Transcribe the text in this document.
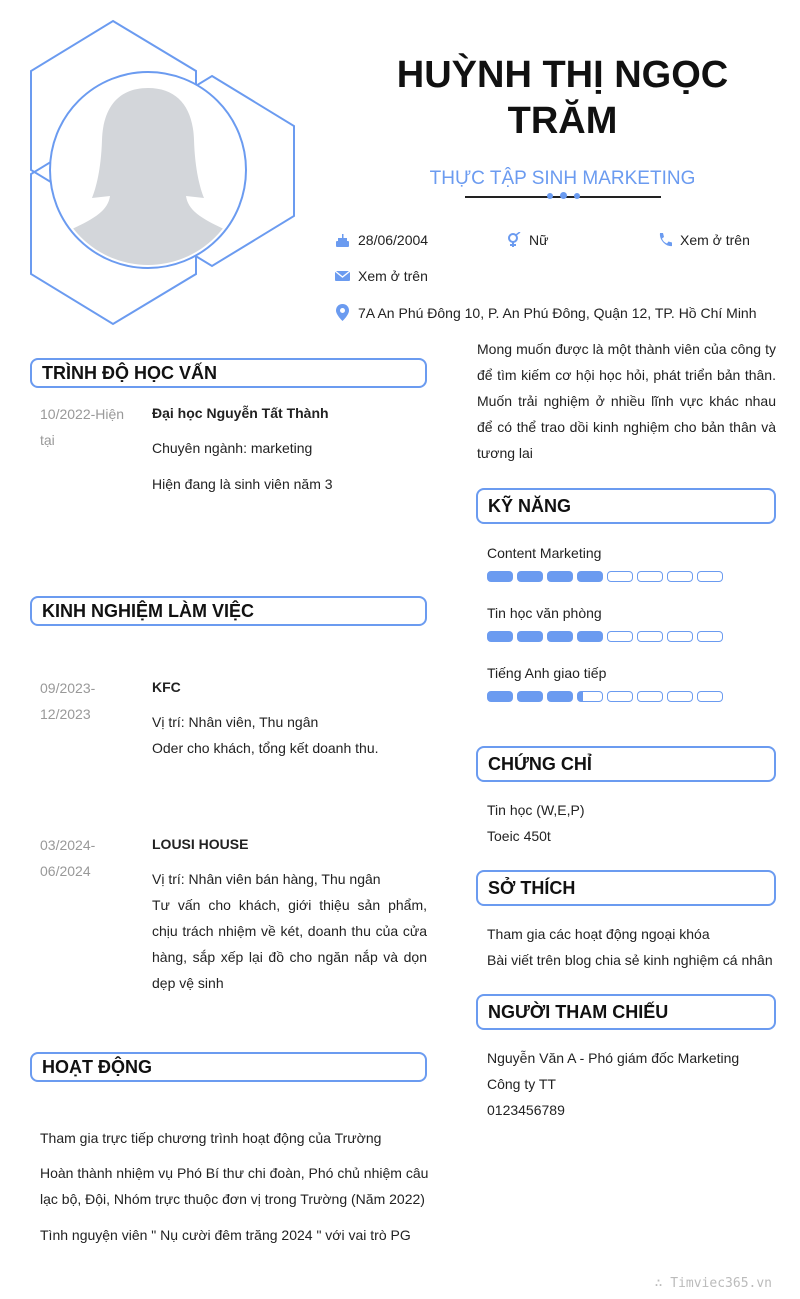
HUỲNH THỊ NGỌC
TRĂM
THỰC TẬP SINH MARKETING
28/06/2004	Nữ	Xem ở trên
Xem ở trên
7A An Phú Đông 10, P. An Phú Đông, Quận 12, TP. Hồ Chí Minh
Mong muốn được là một thành viên của công ty để tìm kiếm cơ hội học hỏi, phát triển bản thân. Muốn trải nghiệm ở nhiều lĩnh vực khác nhau để có thể trao dồi kinh nghiệm cho bản thân và tương lai
TRÌNH ĐỘ HỌC VẤN
10/2022-Hiện tại
Đại học Nguyễn Tất Thành
Chuyên ngành: marketing
Hiện đang là sinh viên năm 3
KINH NGHIỆM LÀM VIỆC
09/2023-
12/2023
KFC
Vị trí: Nhân viên, Thu ngân
Oder cho khách, tổng kết doanh thu.
03/2024-
06/2024
LOUSI HOUSE
Vị trí: Nhân viên bán hàng, Thu ngân
Tư vấn cho khách, giới thiệu sản phẩm, chịu trách nhiệm về két, doanh thu của cửa hàng, sắp xếp lại đồ cho ngăn nắp và dọn dẹp vệ sinh
HOẠT ĐỘNG
Tham gia trực tiếp chương trình hoạt động của Trường
Hoàn thành nhiệm vụ Phó Bí thư chi đoàn, Phó chủ nhiệm câu lạc bộ, Đội, Nhóm trực thuộc đơn vị trong Trường (Năm 2022)
Tình nguyện viên " Nụ cười đêm trăng 2024 " với vai trò PG
KỸ NĂNG
Content Marketing
Tin học văn phòng
Tiếng Anh giao tiếp
CHỨNG CHỈ
Tin học (W,E,P)
Toeic 450t
SỞ THÍCH
Tham gia các hoạt động ngoại khóa
Bài viết trên blog chia sẻ kinh nghiệm cá nhân
NGƯỜI THAM CHIẾU
Nguyễn Văn A - Phó giám đốc Marketing
Công ty TT
0123456789
∴ Timviec365.vn
